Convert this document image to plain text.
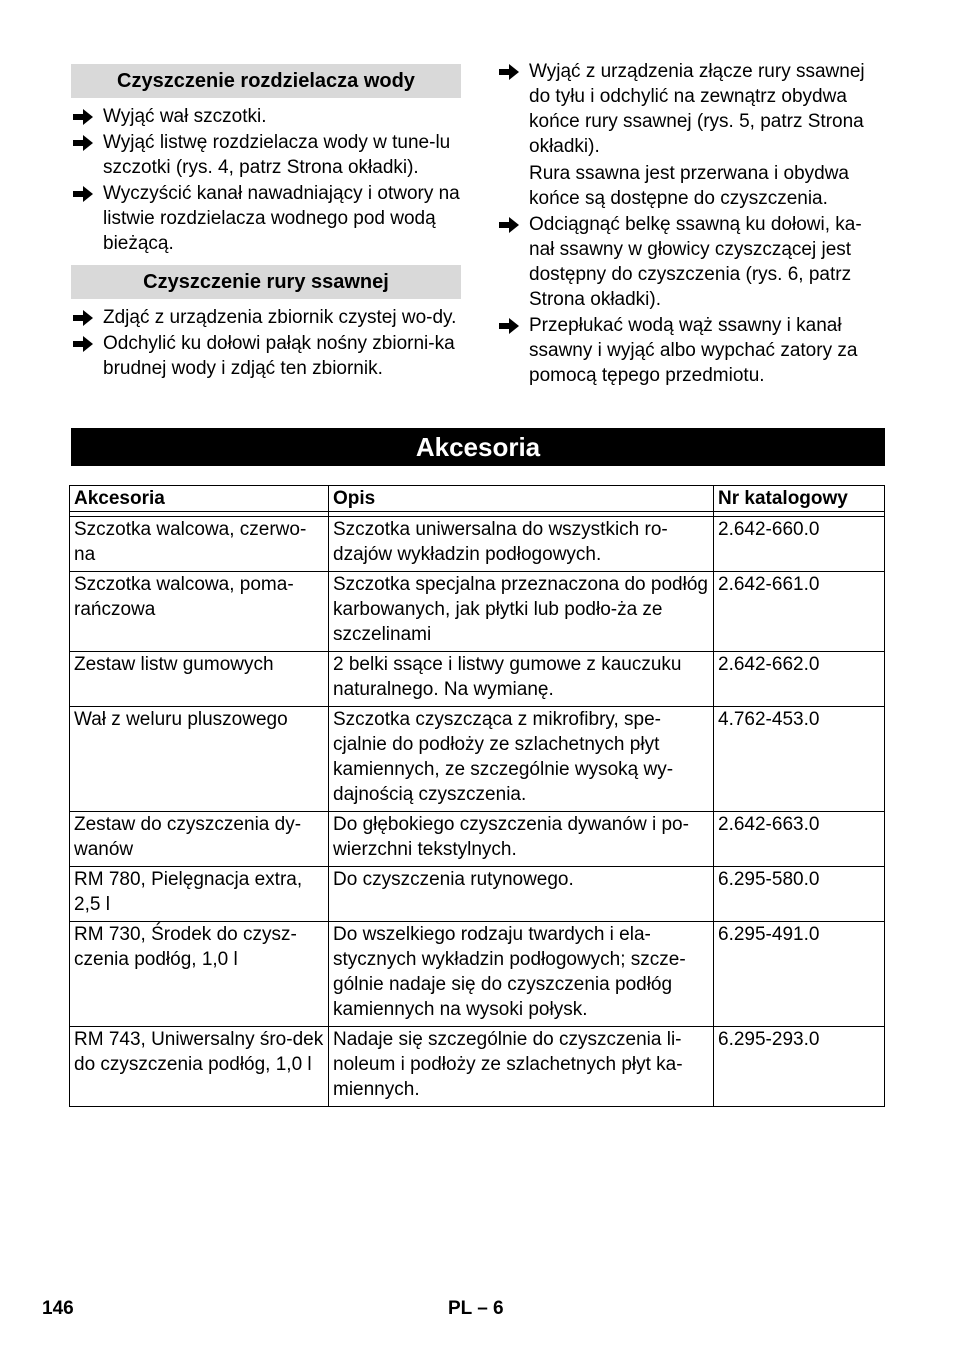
Czyszczenie rozdzielacza wody
Wyjąć wał szczotki.
Wyjąć listwę rozdzielacza wody w tune-lu szczotki (rys. 4, patrz Strona okładki).
Wyczyścić kanał nawadniający i otwory na listwie rozdzielacza wodnego pod wodą bieżącą.
Czyszczenie rury ssawnej
Zdjąć z urządzenia zbiornik czystej wo-dy.
Odchylić ku dołowi pałąk nośny zbiorni-ka brudnej wody i zdjąć ten zbiornik.
Wyjąć z urządzenia złącze rury ssawnej do tyłu i odchylić na zewnątrz obydwa końce rury ssawnej (rys. 5, patrz Strona okładki).
Rura ssawna jest przerwana i obydwa końce są dostępne do czyszczenia.
Odciągnąć belkę ssawną ku dołowi, ka-nał ssawny w głowicy czyszczącej jest dostępny do czyszczenia (rys. 6, patrz Strona okładki).
Przepłukać wodą wąż ssawny i kanał ssawny i wyjąć albo wypchać zatory za pomocą tępego przedmiotu.
Akcesoria
Akcesoria	Opis	Nr katalogowy

Szczotka walcowa, czerwo-na	Szczotka uniwersalna do wszystkich ro-dzajów wykładzin podłogowych.	2.642-660.0
Szczotka walcowa, poma-rańczowa	Szczotka specjalna przeznaczona do podłóg karbowanych, jak płytki lub podło-ża ze szczelinami	2.642-661.0
Zestaw listw gumowych	2 belki ssące i listwy gumowe z kauczuku naturalnego. Na wymianę.	2.642-662.0
Wał z weluru pluszowego	Szczotka czyszcząca z mikrofibry, spe-cjalnie do podłoży ze szlachetnych płyt kamiennych, ze szczególnie wysoką wy-dajnością czyszczenia.	4.762-453.0
Zestaw do czyszczenia dy-wanów	Do głębokiego czyszczenia dywanów i po-wierzchni tekstylnych.	2.642-663.0
RM 780, Pielęgnacja extra, 2,5 l	Do czyszczenia rutynowego.	6.295-580.0
RM 730, Środek do czysz-czenia podłóg, 1,0 l	Do wszelkiego rodzaju twardych i ela-stycznych wykładzin podłogowych; szcze-gólnie nadaje się do czyszczenia podłóg kamiennych na wysoki połysk.	6.295-491.0
RM 743, Uniwersalny śro-dek do czyszczenia podłóg, 1,0 l	Nadaje się szczególnie do czyszczenia li-noleum i podłoży ze szlachetnych płyt ka-miennych.	6.295-293.0
146	PL – 6
